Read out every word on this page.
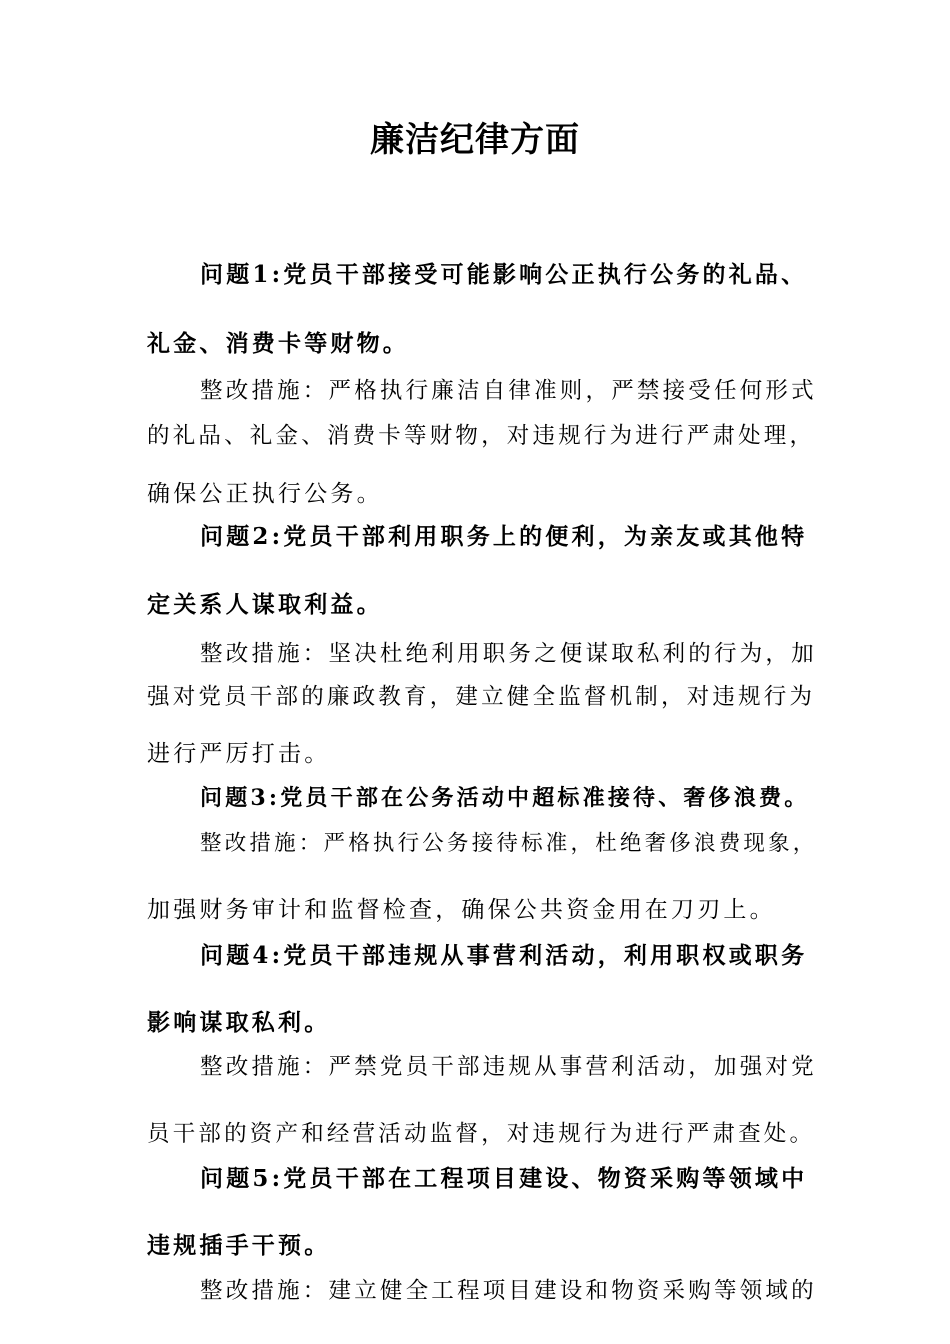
廉洁纪律方面

问题1:党员干部接受可能影响公正执行公务的礼品、

礼金、消费卡等财物。

整改措施：严格执行廉洁自律准则，严禁接受任何形式

的礼品、礼金、消费卡等财物，对违规行为进行严肃处理，

确保公正执行公务。

问题2:党员干部利用职务上的便利，为亲友或其他特

定关系人谋取利益。

整改措施：坚决杜绝利用职务之便谋取私利的行为，加

强对党员干部的廉政教育，建立健全监督机制，对违规行为

进行严厉打击。

问题3:党员干部在公务活动中超标准接待、奢侈浪费。

整改措施：严格执行公务接待标准，杜绝奢侈浪费现象，

加强财务审计和监督检查，确保公共资金用在刀刃上。

问题4:党员干部违规从事营利活动，利用职权或职务

影响谋取私利。

整改措施：严禁党员干部违规从事营利活动，加强对党

员干部的资产和经营活动监督，对违规行为进行严肃查处。

问题5:党员干部在工程项目建设、物资采购等领域中

违规插手干预。

整改措施：建立健全工程项目建设和物资采购等领域的
